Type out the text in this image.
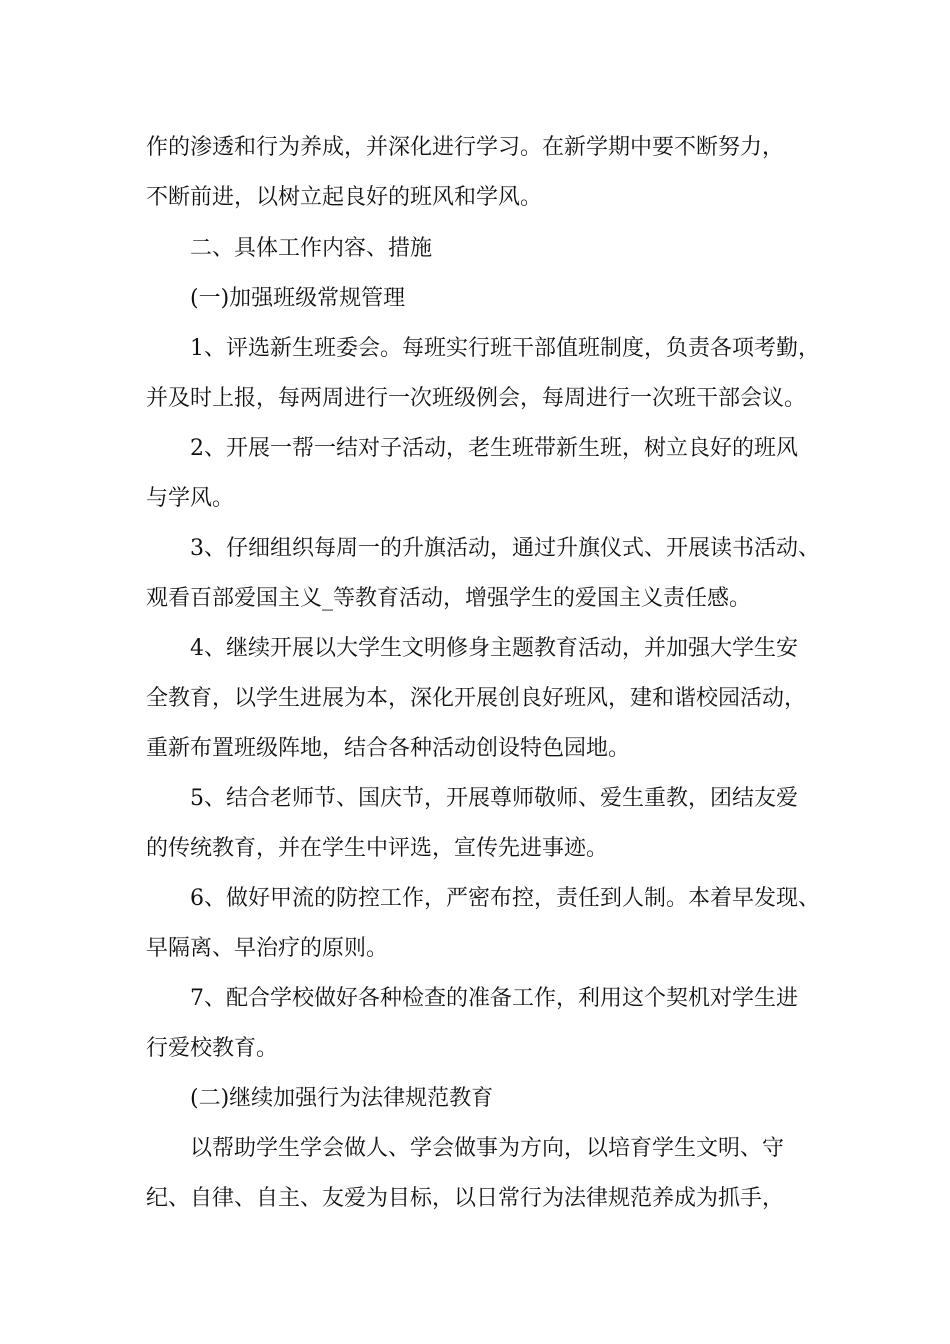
作的渗透和行为养成，并深化进行学习。在新学期中要不断努力，
不断前进，以树立起良好的班风和学风。
二、具体工作内容、措施
(一)加强班级常规管理
1、评选新生班委会。每班实行班干部值班制度，负责各项考勤，
并及时上报，每两周进行一次班级例会，每周进行一次班干部会议。
2、开展一帮一结对子活动，老生班带新生班，树立良好的班风
与学风。
3、仔细组织每周一的升旗活动，通过升旗仪式、开展读书活动、
观看百部爱国主义_等教育活动，增强学生的爱国主义责任感。
4、继续开展以大学生文明修身主题教育活动，并加强大学生安
全教育，以学生进展为本，深化开展创良好班风，建和谐校园活动，
重新布置班级阵地，结合各种活动创设特色园地。
5、结合老师节、国庆节，开展尊师敬师、爱生重教，团结友爱
的传统教育，并在学生中评选，宣传先进事迹。
6、做好甲流的防控工作，严密布控，责任到人制。本着早发现、
早隔离、早治疗的原则。
7、配合学校做好各种检查的准备工作，利用这个契机对学生进
行爱校教育。
(二)继续加强行为法律规范教育
以帮助学生学会做人、学会做事为方向，以培育学生文明、守
纪、自律、自主、友爱为目标，以日常行为法律规范养成为抓手，
